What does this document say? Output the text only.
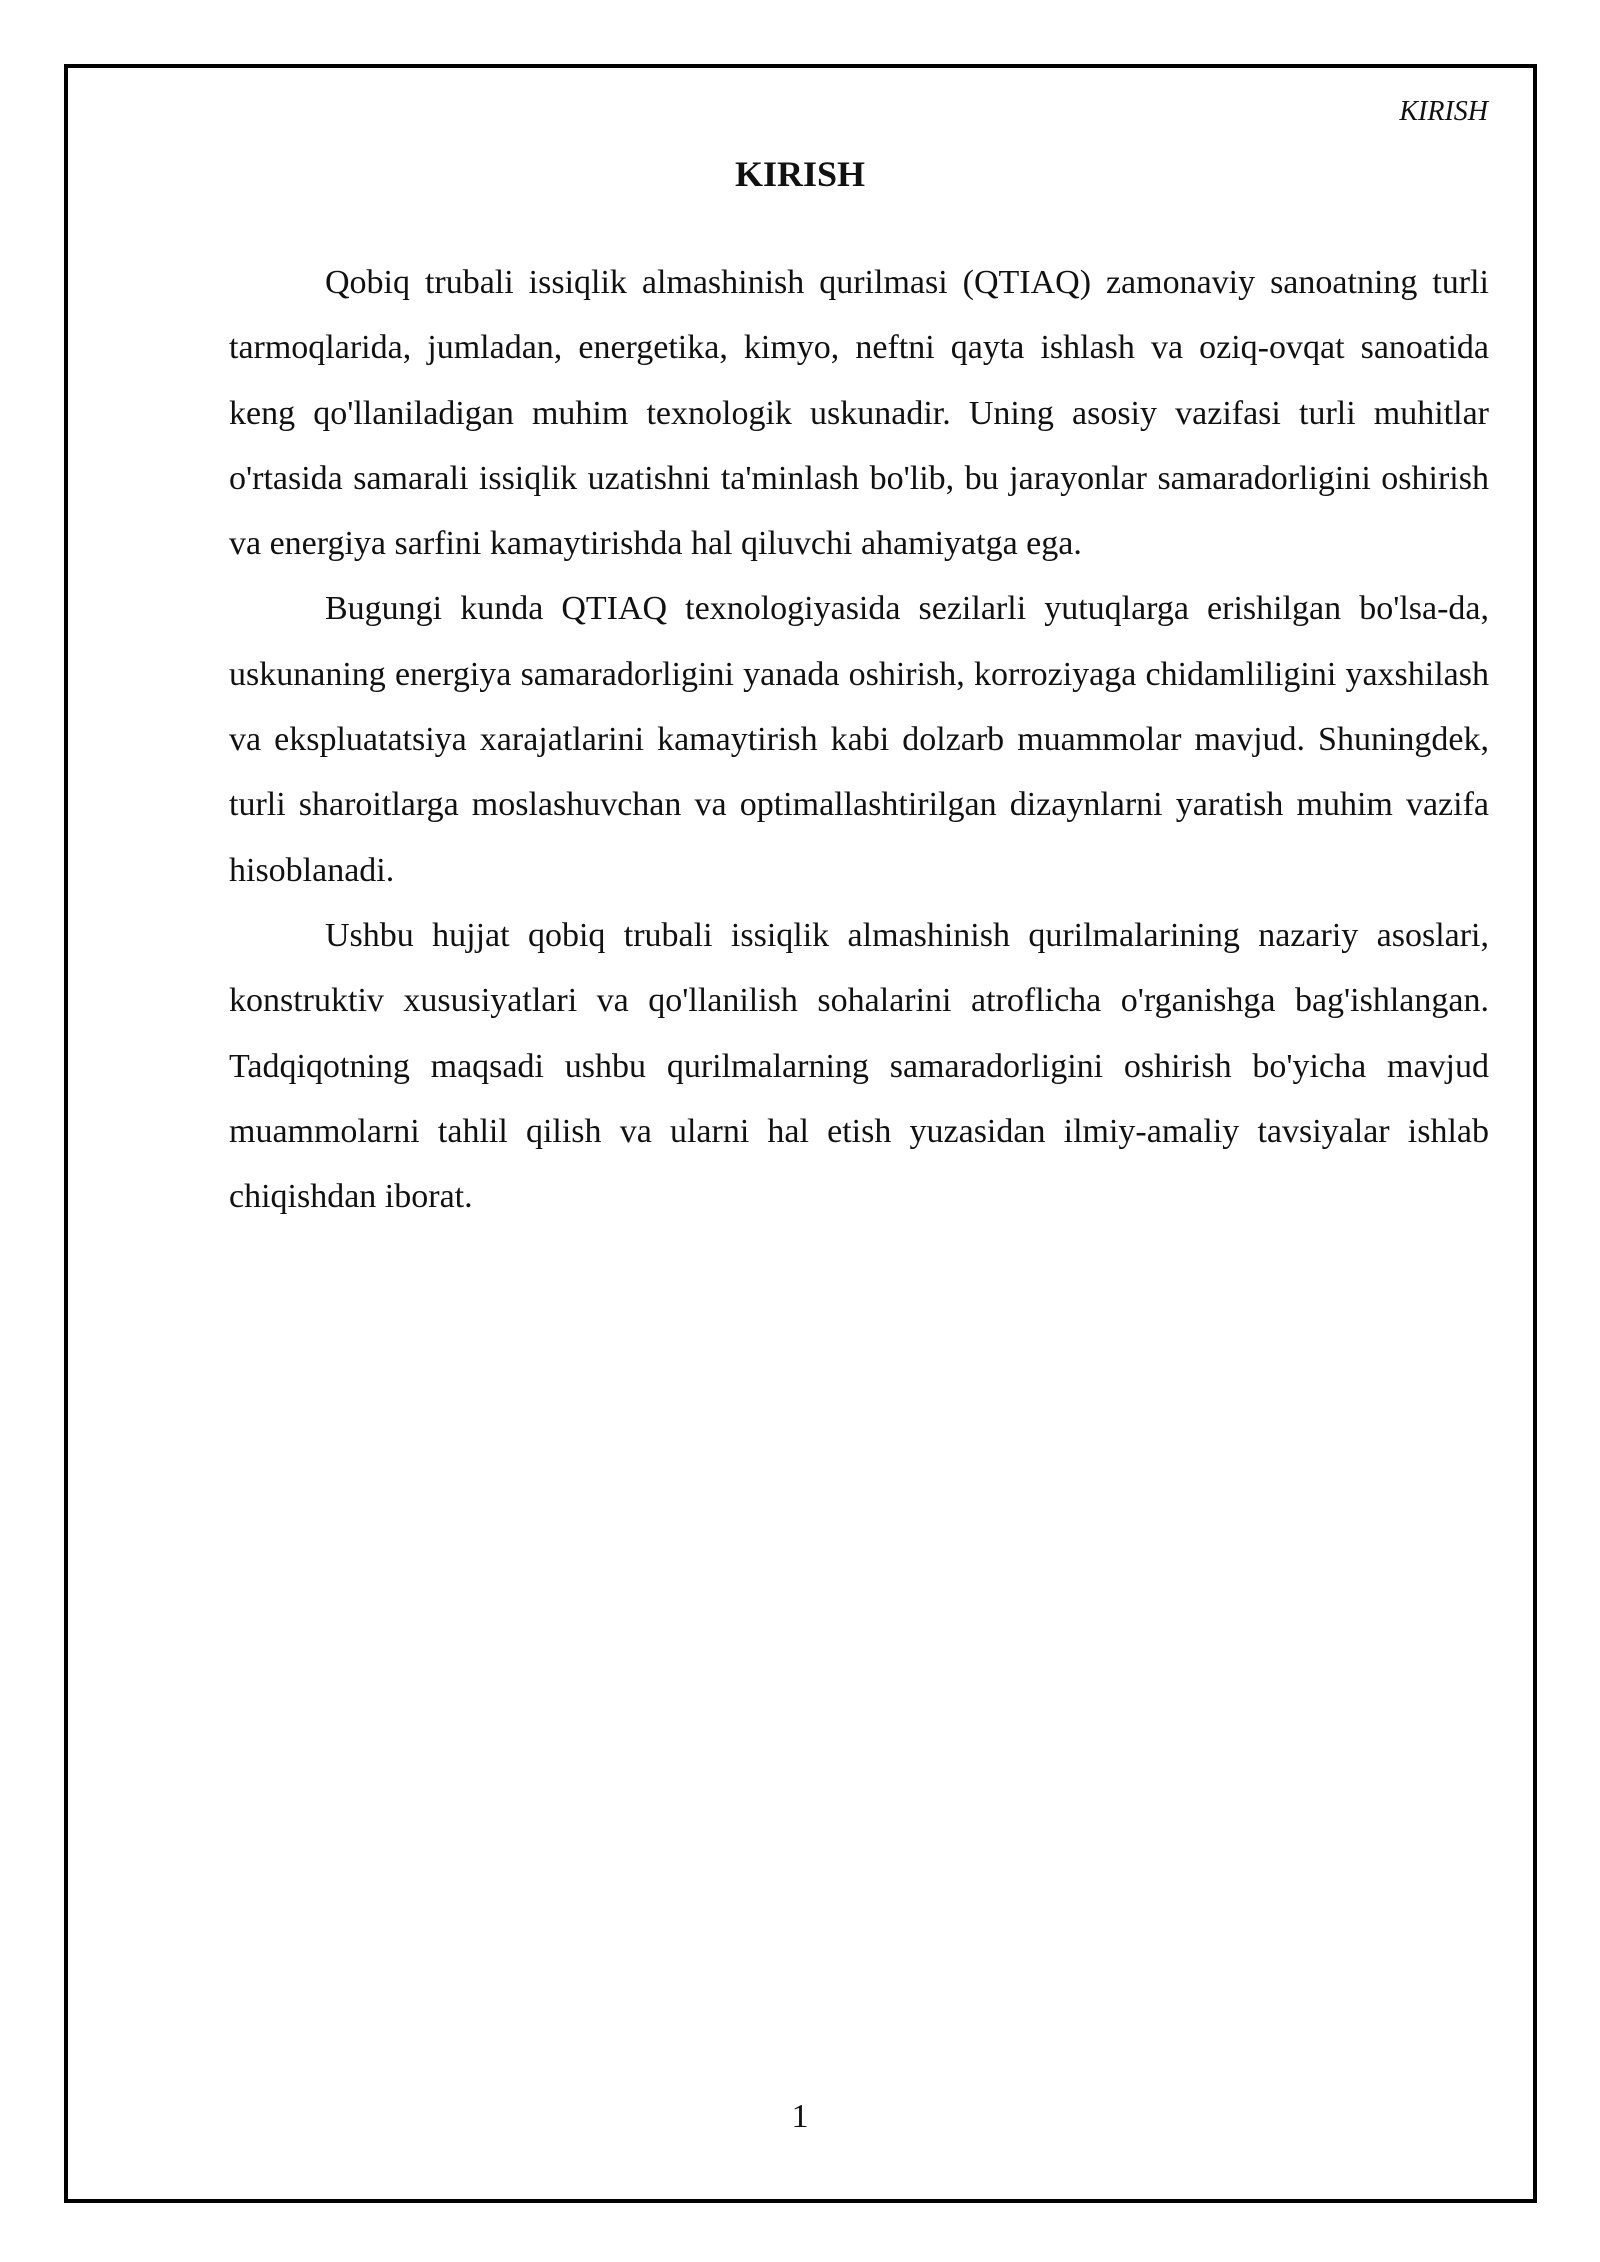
KIRISH
KIRISH

Qobiq trubali issiqlik almashinish qurilmasi (QTIAQ) zamonaviy sanoatning turli tarmoqlarida, jumladan, energetika, kimyo, neftni qayta ishlash va oziq-ovqat sanoatida keng qo'llaniladigan muhim texnologik uskunadir. Uning asosiy vazifasi turli muhitlar o'rtasida samarali issiqlik uzatishni ta'minlash bo'lib, bu jarayonlar samaradorligini oshirish va energiya sarfini kamaytirishda hal qiluvchi ahamiyatga ega.

Bugungi kunda QTIAQ texnologiyasida sezilarli yutuqlarga erishilgan bo'lsa-da, uskunaning energiya samaradorligini yanada oshirish, korroziyaga chidamliligini yaxshilash va ekspluatatsiya xarajatlarini kamaytirish kabi dolzarb muammolar mavjud. Shuningdek, turli sharoitlarga moslashuvchan va optimallashtirilgan dizaynlarni yaratish muhim vazifa hisoblanadi.

Ushbu hujjat qobiq trubali issiqlik almashinish qurilmalarining nazariy asoslari, konstruktiv xususiyatlari va qo'llanilish sohalarini atroflicha o'rganishga bag'ishlangan. Tadqiqotning maqsadi ushbu qurilmalarning samaradorligini oshirish bo'yicha mavjud muammolarni tahlil qilish va ularni hal etish yuzasidan ilmiy-amaliy tavsiyalar ishlab chiqishdan iborat.

1
